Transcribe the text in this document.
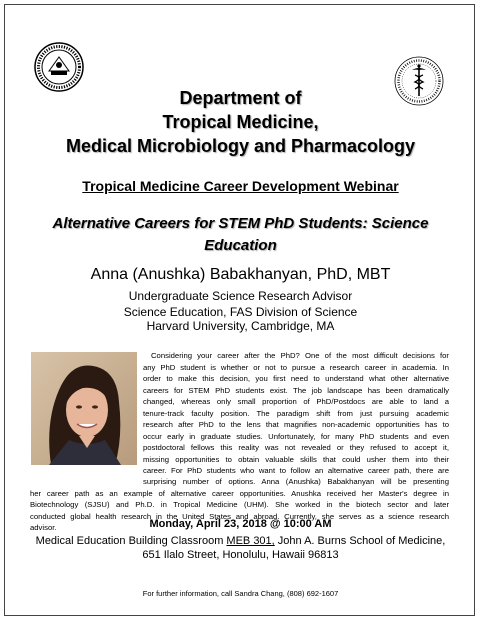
Department of
Tropical Medicine,
Medical Microbiology and Pharmacology
Tropical Medicine Career Development Webinar
Alternative Careers for STEM PhD Students: Science
Education
Anna (Anushka) Babakhanyan, PhD, MBT
Undergraduate Science Research Advisor
Science Education, FAS Division of Science
Harvard University, Cambridge, MA
Considering your career after the PhD? One of the most difficult decisions for
any PhD student is whether or not to pursue a research career in academia. In
order to make this decision, you first need to understand what other alternative
careers for STEM PhD students exist. The job landscape has been dramatically
changed, whereas only small proportion of PhD/Postdocs are able to land a
tenure-track faculty position. The paradigm shift from just pursuing academic
research after PhD to the lens that magnifies non-academic opportunities has to
occur early in graduate studies. Unfortunately, for many PhD students and even
postdoctoral fellows this reality was not revealed or they refused to accept it,
missing opportunities to obtain valuable skills that could usher them into their
career. For PhD students who want to follow an alternative career path, there are
surprising number of options. Anna (Anushka) Babakhanyan will be presenting
her career path as an example of alternative career opportunities. Anushka received her Master's degree in
Biotechnology (SJSU) and Ph.D. in Tropical Medicine (UHM). She worked in the biotech sector and later
conducted global health research in the United States and abroad. Currently, she serves as a science research
advisor.	Monday, April 23, 2018 @ 10:00 AM
Medical Education Building Classroom MEB 301, John A. Burns School of Medicine,
651 Ilalo Street, Honolulu, Hawaii 96813
For further information, call Sandra Chang, (808) 692-1607
